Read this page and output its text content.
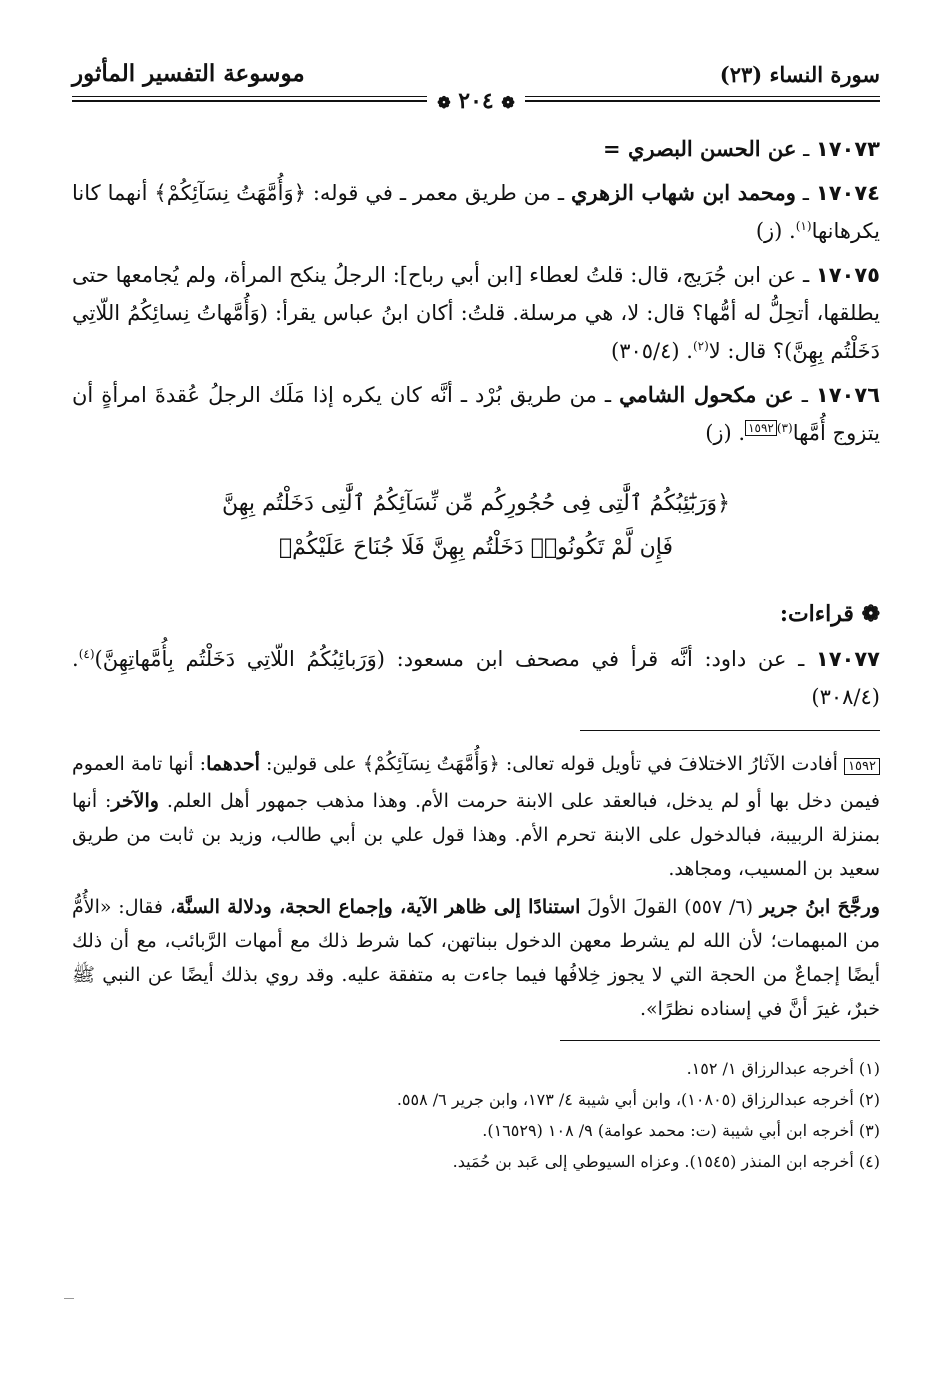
سورة النساء (٢٣)
موسوعة التفسير المأثور
❁ ٢٠٤ ❁

١٧٠٧٣ ـ عن الحسن البصري =

١٧٠٧٤ ـ ومحمد ابن شهاب الزهري ـ من طريق معمر ـ في قوله: ﴿وَأُمَّهَتُ نِسَآئِكُمْ﴾ أنهما كانا يكرهانها$^{(١)}$. (ز)

١٧٠٧٥ ـ عن ابن جُرَيج، قال: قلتُ لعطاء [ابن أبي رباح]: الرجلُ ينكح المرأة، ولم يُجامعها حتى يطلقها، أتحِلُّ له أمُّها؟ قال: لا، هي مرسلة. قلتُ: أكان ابنُ عباس يقرأ: (وَأُمَّهاتُ نِسائِكُمُ اللّاتِي دَخَلْتُم بِهِنَّ)؟ قال: لا$^{(٢)}$. (٣٠٥/٤)

١٧٠٧٦ ـ عن مكحول الشامي ـ من طريق بُرْد ـ أنَّه كان يكره إذا مَلَك الرجلُ عُقدةَ امرأةٍ أن يتزوج أُمَّها$^{(٣)١٥٩٢}$. (ز)

﴿وَرَبَٰٓئِبُكُمُ ٱلَّٰتِى فِى حُجُورِكُم مِّن نِّسَآئِكُمُ ٱلَّٰتِى دَخَلْتُم بِهِنَّ
فَإِن لَّمْ تَكُونُوا۟ دَخَلْتُم بِهِنَّ فَلَا جُنَاحَ عَلَيْكُمْ﴾
❁ قراءات:

١٧٠٧٧ ـ عن داود: أنَّه قرأ في مصحف ابن مسعود: (وَرَبائِبُكُمُ اللّاتِي دَخَلْتُم بِأُمَّهاتِهِنَّ)$^{(٤)}$. (٣٠٨/٤)

١٥٩٢ أفادت الآثارُ الاختلافَ في تأويل قوله تعالى: ﴿وَأُمَّهَتُ نِسَآئِكُمْ﴾ على قولين: أحدهما: أنها تامة العموم فيمن دخل بها أو لم يدخل، فبالعقد على الابنة حرمت الأم. وهذا مذهب جمهور أهل العلم. والآخر: أنها بمنزلة الربيبة، فبالدخول على الابنة تحرم الأم. وهذا قول علي بن أبي طالب، وزيد بن ثابت من طريق سعيد بن المسيب، ومجاهد.

ورجَّحَ ابنُ جرير (٦/ ٥٥٧) القولَ الأولَ استنادًا إلى ظاهر الآية، وإجماع الحجة، ودلالة السنَّة، فقال: «الأُمُّ من المبهمات؛ لأن الله لم يشرط معهن الدخول ببناتهن، كما شرط ذلك مع أمهات الرَّبائب، مع أن ذلك أيضًا إجماعٌ من الحجة التي لا يجوز خِلافُها فيما جاءت به متفقة عليه. وقد روي بذلك أيضًا عن النبي ﷺ خبرٌ، غيرَ أنَّ في إسناده نظرًا».

(١) أخرجه عبدالرزاق ١/ ١٥٢.
(٢) أخرجه عبدالرزاق (١٠٨٠٥)، وابن أبي شيبة ٤/ ١٧٣، وابن جرير ٦/ ٥٥٨.
(٣) أخرجه ابن أبي شيبة (ت: محمد عوامة) ٩/ ١٠٨ (١٦٥٢٩).
(٤) أخرجه ابن المنذر (١٥٤٥). وعزاه السيوطي إلى عَبد بن حُمَيد.
